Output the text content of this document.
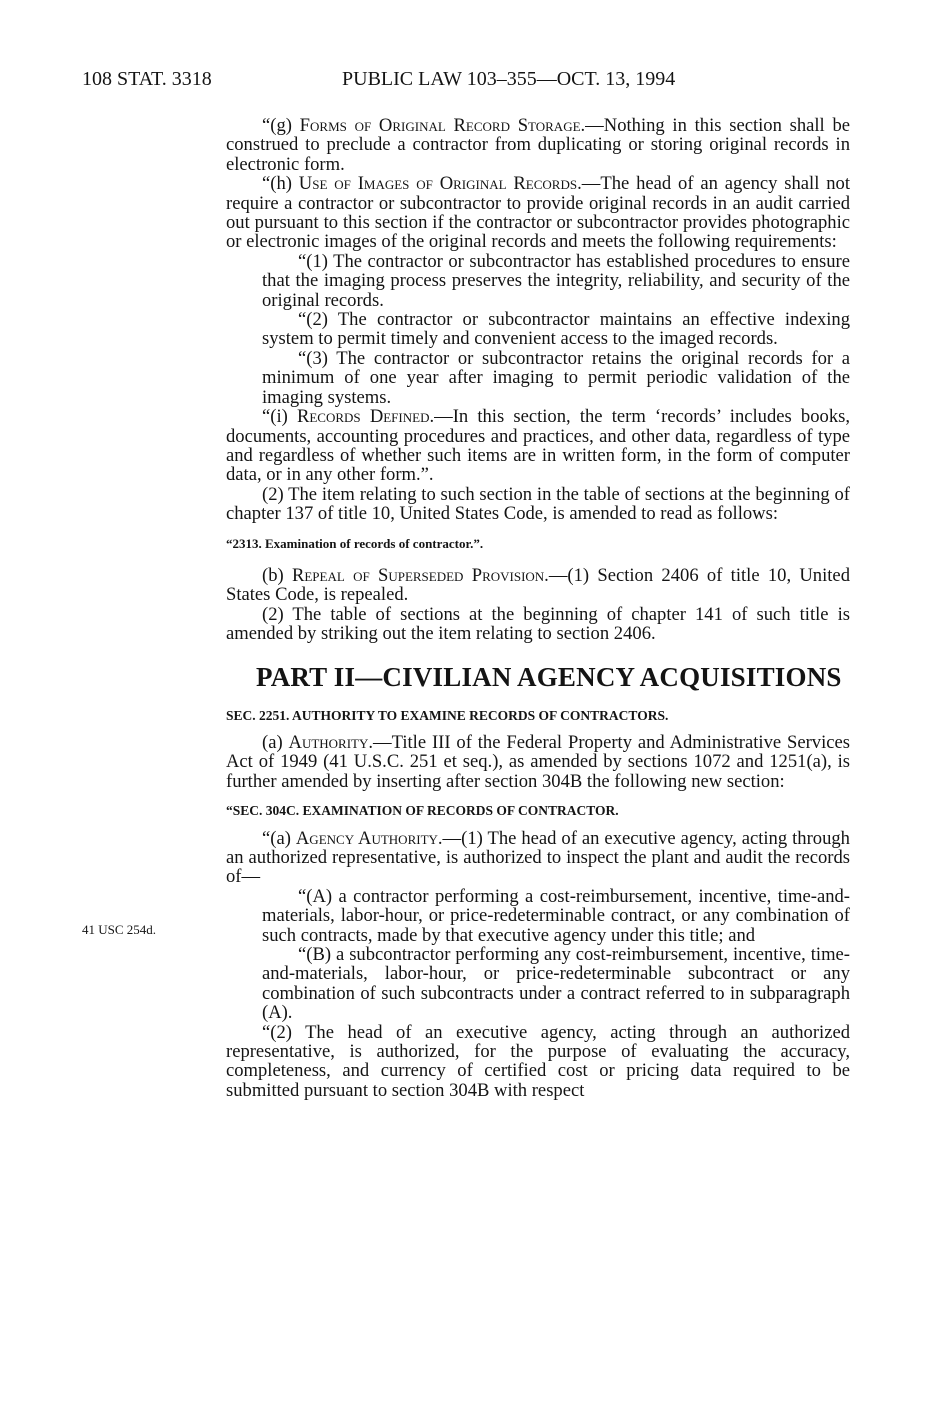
108 STAT. 3318	PUBLIC LAW 103–355—OCT. 13, 1994
41 USC 254d.

“(g) Forms of Original Record Storage.—Nothing in this section shall be construed to preclude a contractor from duplicating or storing original records in electronic form.

“(h) Use of Images of Original Records.—The head of an agency shall not require a contractor or subcontractor to provide original records in an audit carried out pursuant to this section if the contractor or subcontractor provides photographic or electronic images of the original records and meets the following requirements:

“(1) The contractor or subcontractor has established procedures to ensure that the imaging process preserves the integrity, reliability, and security of the original records.

“(2) The contractor or subcontractor maintains an effective indexing system to permit timely and convenient access to the imaged records.

“(3) The contractor or subcontractor retains the original records for a minimum of one year after imaging to permit periodic validation of the imaging systems.

“(i) Records Defined.—In this section, the term ‘records’ includes books, documents, accounting procedures and practices, and other data, regardless of type and regardless of whether such items are in written form, in the form of computer data, or in any other form.”.

(2) The item relating to such section in the table of sections at the beginning of chapter 137 of title 10, United States Code, is amended to read as follows:

“2313. Examination of records of contractor.”.

(b) Repeal of Superseded Provision.—(1) Section 2406 of title 10, United States Code, is repealed.

(2) The table of sections at the beginning of chapter 141 of such title is amended by striking out the item relating to section 2406.

PART II—CIVILIAN AGENCY ACQUISITIONS

SEC. 2251. AUTHORITY TO EXAMINE RECORDS OF CONTRACTORS.

(a) Authority.—Title III of the Federal Property and Administrative Services Act of 1949 (41 U.S.C. 251 et seq.), as amended by sections 1072 and 1251(a), is further amended by inserting after section 304B the following new section:

“SEC. 304C. EXAMINATION OF RECORDS OF CONTRACTOR.

“(a) Agency Authority.—(1) The head of an executive agency, acting through an authorized representative, is authorized to inspect the plant and audit the records of—

“(A) a contractor performing a cost-reimbursement, incentive, time-and-materials, labor-hour, or price-redeterminable contract, or any combination of such contracts, made by that executive agency under this title; and

“(B) a subcontractor performing any cost-reimbursement, incentive, time-and-materials, labor-hour, or price-redeterminable subcontract or any combination of such subcontracts under a contract referred to in subparagraph (A).

“(2) The head of an executive agency, acting through an authorized representative, is authorized, for the purpose of evaluating the accuracy, completeness, and currency of certified cost or pricing data required to be submitted pursuant to section 304B with respect
